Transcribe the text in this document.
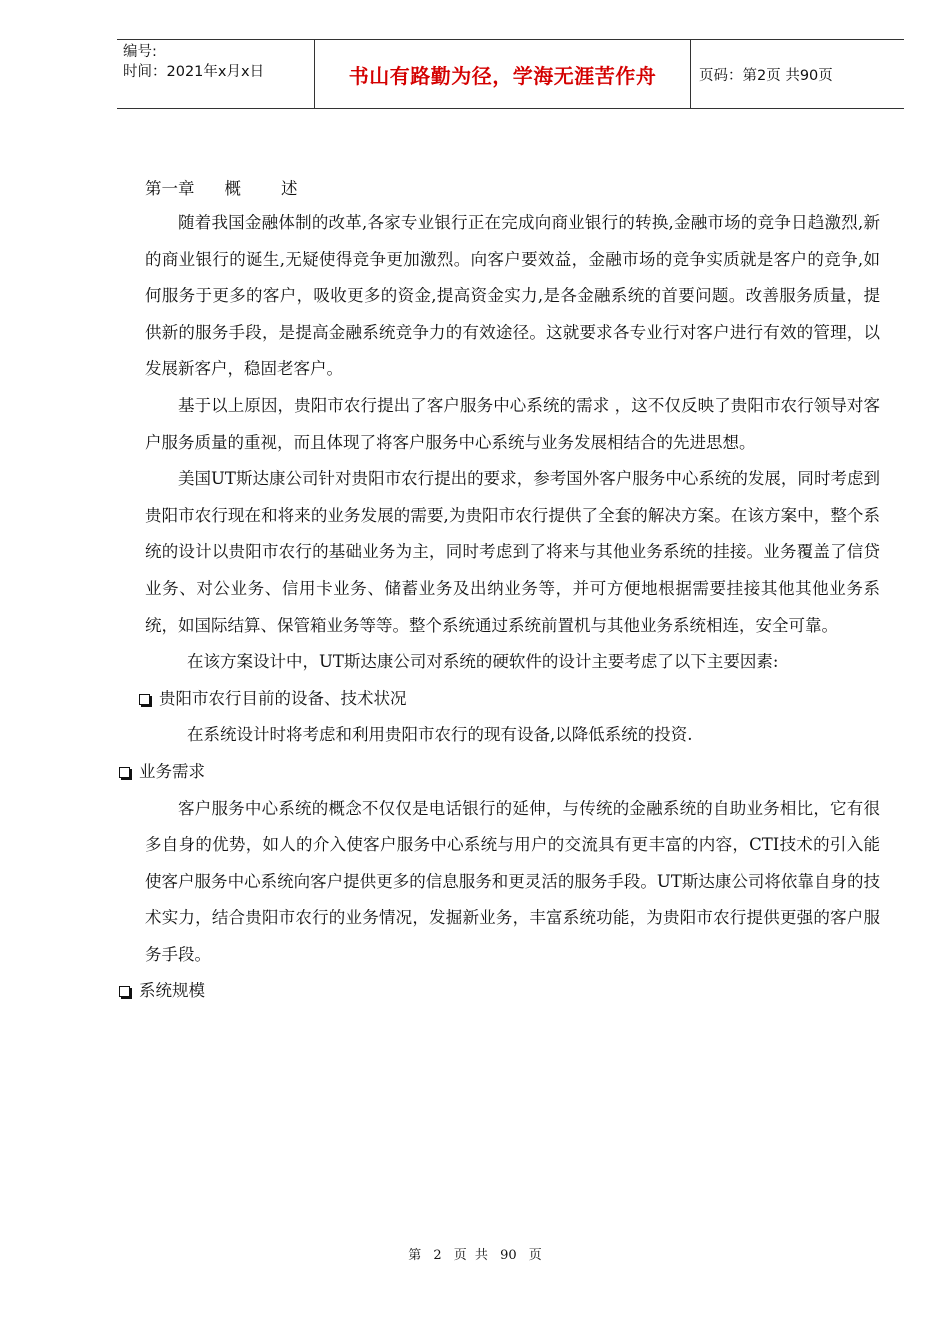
编号:
时间：2021年x月x日	书山有路勤为径，学海无涯苦作舟	页码：第2页 共90页
第一章 概 述

随着我国金融体制的改革,各家专业银行正在完成向商业银行的转换,金融市场的竞争日趋激烈,新的商业银行的诞生,无疑使得竞争更加激烈。向客户要效益，金融市场的竞争实质就是客户的竞争,如何服务于更多的客户，吸收更多的资金,提高资金实力,是各金融系统的首要问题。改善服务质量，提供新的服务手段，是提高金融系统竞争力的有效途径。这就要求各专业行对客户进行有效的管理，以发展新客户，稳固老客户。

基于以上原因，贵阳市农行提出了客户服务中心系统的需求 ，这不仅反映了贵阳市农行领导对客户服务质量的重视，而且体现了将客户服务中心系统与业务发展相结合的先进思想。

美国UT斯达康公司针对贵阳市农行提出的要求，参考国外客户服务中心系统的发展，同时考虑到贵阳市农行现在和将来的业务发展的需要,为贵阳市农行提供了全套的解决方案。在该方案中，整个系统的设计以贵阳市农行的基础业务为主，同时考虑到了将来与其他业务系统的挂接。业务覆盖了信贷业务、对公业务、信用卡业务、储蓄业务及出纳业务等，并可方便地根据需要挂接其他其他业务系统，如国际结算、保管箱业务等等。整个系统通过系统前置机与其他业务系统相连，安全可靠。

在该方案设计中，UT斯达康公司对系统的硬软件的设计主要考虑了以下主要因素:

贵阳市农行目前的设备、技术状况

在系统设计时将考虑和利用贵阳市农行的现有设备,以降低系统的投资.

业务需求

客户服务中心系统的概念不仅仅是电话银行的延伸，与传统的金融系统的自助业务相比，它有很多自身的优势，如人的介入使客户服务中心系统与用户的交流具有更丰富的内容，CTI技术的引入能使客户服务中心系统向客户提供更多的信息服务和更灵活的服务手段。UT斯达康公司将依靠自身的技术实力，结合贵阳市农行的业务情况，发掘新业务，丰富系统功能，为贵阳市农行提供更强的客户服务手段。

系统规模
第 2 页 共 90 页
